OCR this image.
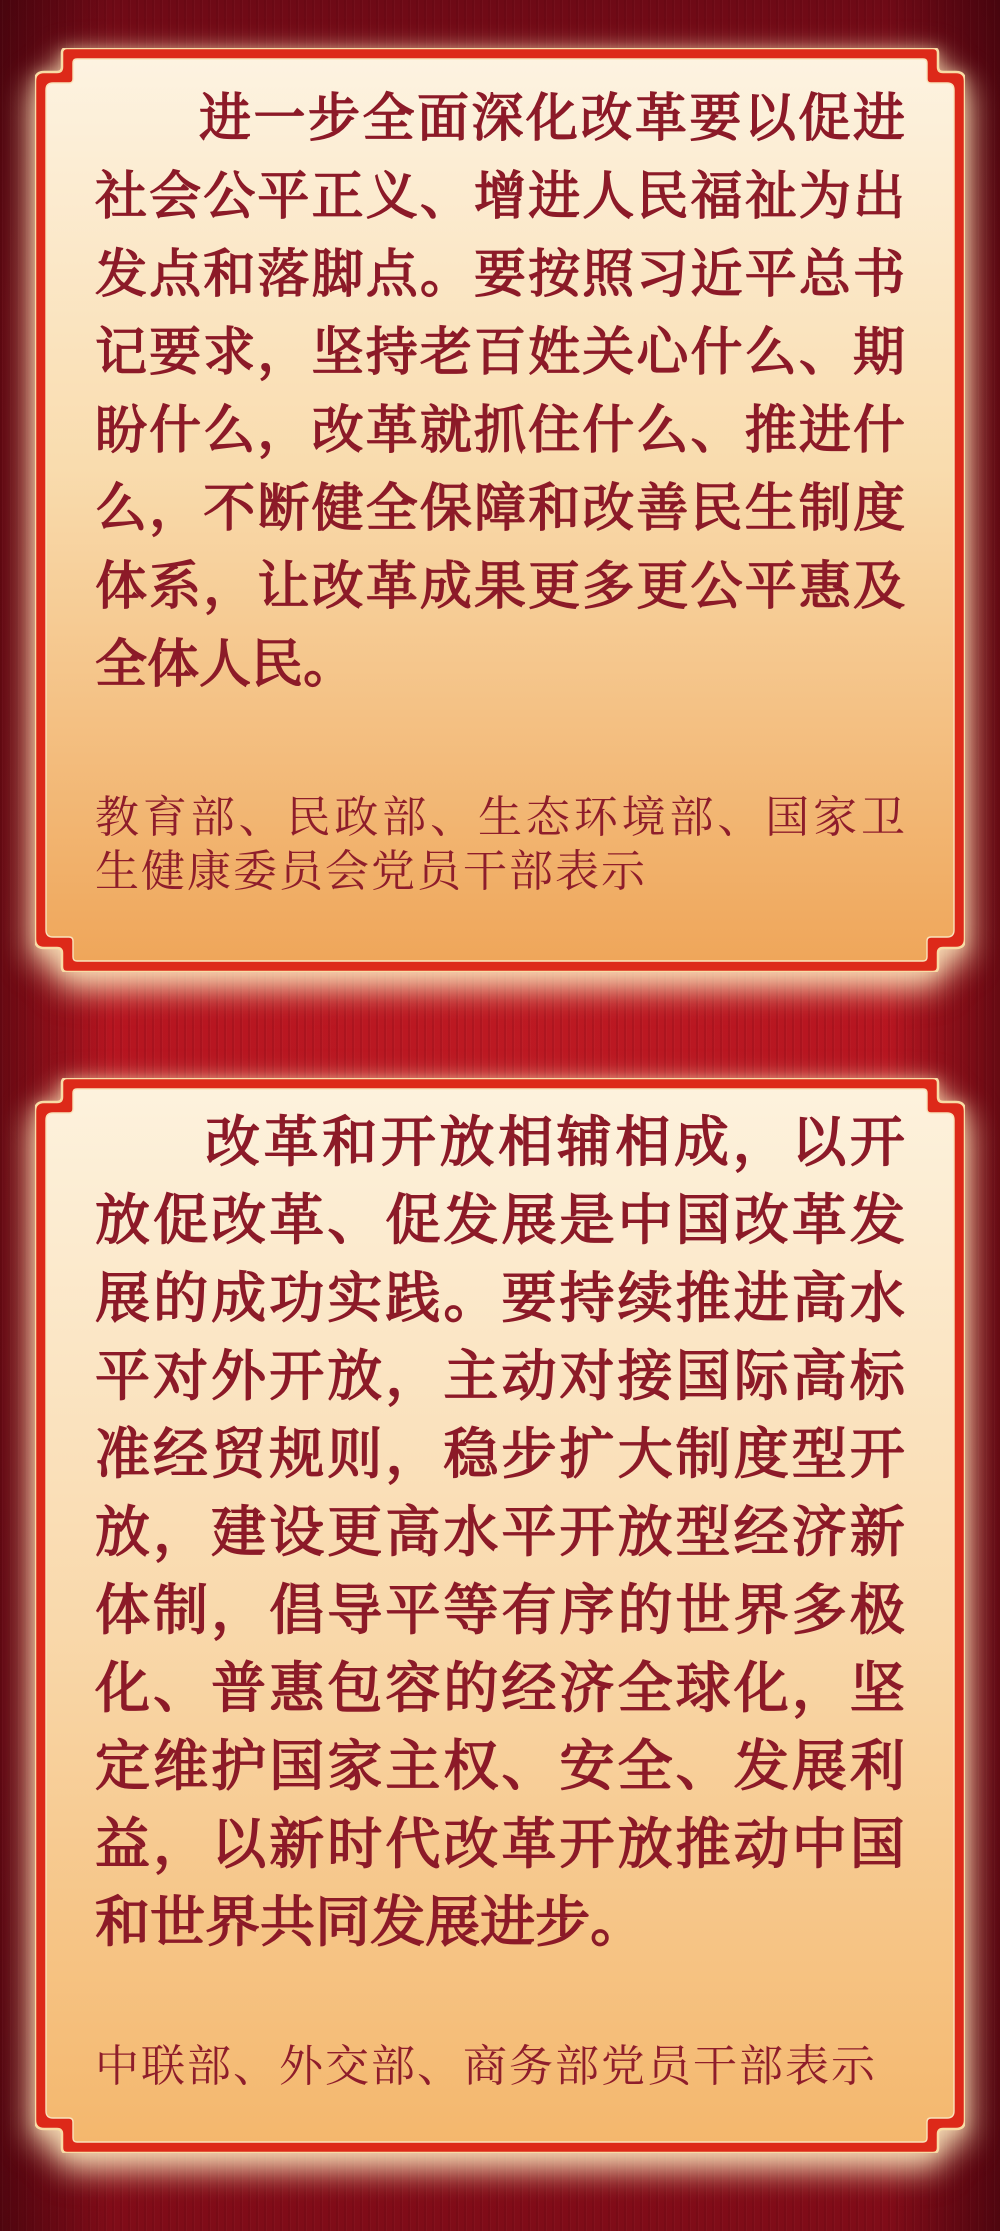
进 一 步 全 面 深 化 改 革 要 以 促 进
社 会 公 平 正 义 、 增 进 人 民 福 祉 为 出
发 点 和 落 脚 点 。 要 按 照 习 近 平 总 书
记 要 求 ， 坚 持 老 百 姓 关 心 什 么 、 期
盼 什 么 ， 改 革 就 抓 住 什 么 、 推 进 什
么 ， 不 断 健 全 保 障 和 改 善 民 生 制 度
体 系 ， 让 改 革 成 果 更 多 更 公 平 惠 及
全 体 人 民 。
教 育 部 、 民 政 部 、 生 态 环 境 部 、 国 家 卫
生 健 康 委 员 会 党 员 干 部 表 示
改 革 和 开 放 相 辅 相 成 ， 以 开
放 促 改 革 、 促 发 展 是 中 国 改 革 发
展 的 成 功 实 践 。 要 持 续 推 进 高 水
平 对 外 开 放 ， 主 动 对 接 国 际 高 标
准 经 贸 规 则 ， 稳 步 扩 大 制 度 型 开
放 ， 建 设 更 高 水 平 开 放 型 经 济 新
体 制 ， 倡 导 平 等 有 序 的 世 界 多 极
化 、 普 惠 包 容 的 经 济 全 球 化 ， 坚
定 维 护 国 家 主 权 、 安 全 、 发 展 利
益 ， 以 新 时 代 改 革 开 放 推 动 中 国
和 世 界 共 同 发 展 进 步 。
中 联 部 、 外 交 部 、 商 务 部 党 员 干 部 表 示
